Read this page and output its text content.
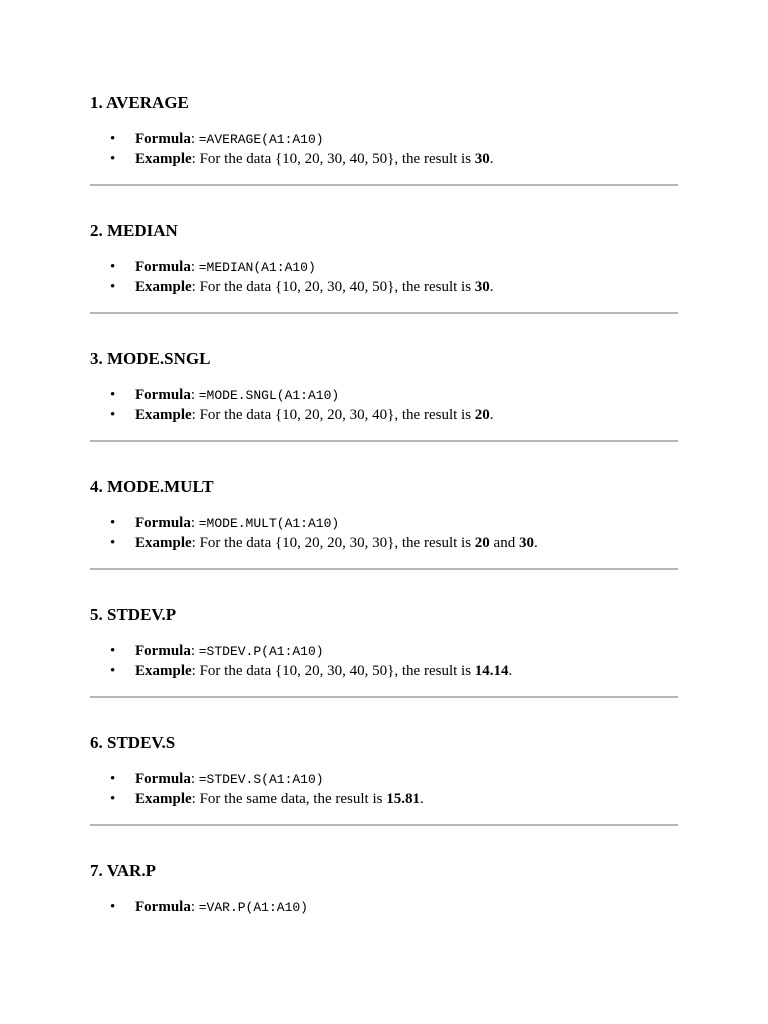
1. AVERAGE
• Formula: =AVERAGE(A1:A10)
• Example: For the data {10, 20, 30, 40, 50}, the result is 30.
2. MEDIAN
• Formula: =MEDIAN(A1:A10)
• Example: For the data {10, 20, 30, 40, 50}, the result is 30.
3. MODE.SNGL
• Formula: =MODE.SNGL(A1:A10)
• Example: For the data {10, 20, 20, 30, 40}, the result is 20.
4. MODE.MULT
• Formula: =MODE.MULT(A1:A10)
• Example: For the data {10, 20, 20, 30, 30}, the result is 20 and 30.
5. STDEV.P
• Formula: =STDEV.P(A1:A10)
• Example: For the data {10, 20, 30, 40, 50}, the result is 14.14.
6. STDEV.S
• Formula: =STDEV.S(A1:A10)
• Example: For the same data, the result is 15.81.
7. VAR.P
• Formula: =VAR.P(A1:A10)
